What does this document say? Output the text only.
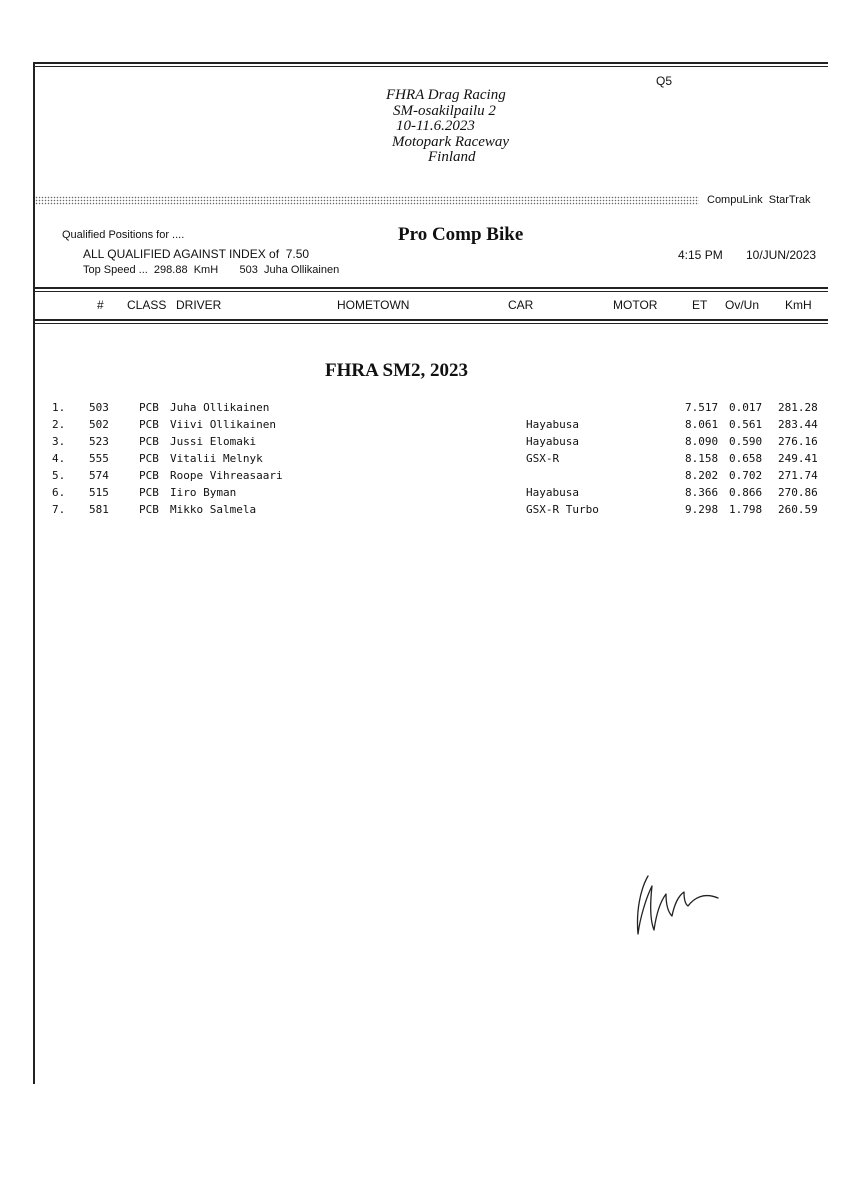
Q5
FHRA Drag Racing
SM-osakilpailu 2
10-11.6.2023
Motopark Raceway
Finland
CompuLink  StarTrak
Qualified Positions for ....	Pro Comp Bike
ALL QUALIFIED AGAINST INDEX of  7.50	4:15 PM 10/JUN/2023
Top Speed ...  298.88  KmH       503  Juha Ollikainen
# CLASS DRIVER	HOMETOWN	CAR	MOTOR	ET Ov/Un KmH
FHRA SM2, 2023
1. 503	PCB Juha Ollikainen	7.517 0.017 281.28
2. 502	PCB Viivi Ollikainen	Hayabusa	8.061 0.561 283.44
3. 523	PCB Jussi Elomaki	Hayabusa	8.090 0.590 276.16
4. 555	PCB Vitalii Melnyk	GSX-R	8.158 0.658 249.41
5. 574	PCB Roope Vihreasaari	8.202 0.702 271.74
6. 515	PCB Iiro Byman	Hayabusa	8.366 0.866 270.86
7. 581	PCB Mikko Salmela	GSX-R Turbo	9.298 1.798 260.59
